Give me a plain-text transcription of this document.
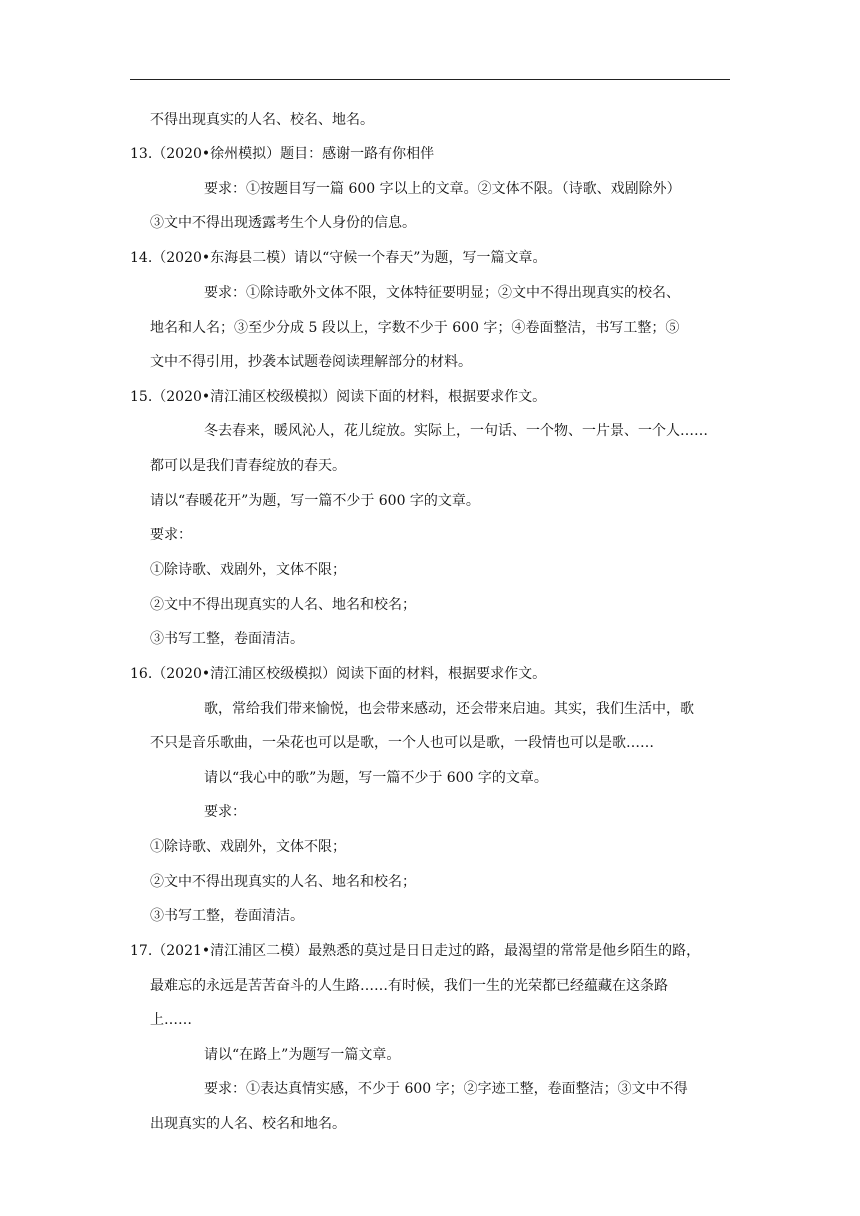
不得出现真实的人名、校名、地名。
13.（2020•徐州模拟）题目：感谢一路有你相伴
要求：①按题目写一篇 600 字以上的文章。②文体不限。（诗歌、戏剧除外）
③文中不得出现透露考生个人身份的信息。
14.（2020•东海县二模）请以“守候一个春天”为题，写一篇文章。
要求：①除诗歌外文体不限，文体特征要明显；②文中不得出现真实的校名、
地名和人名；③至少分成 5 段以上，字数不少于 600 字；④卷面整洁，书写工整；⑤
文中不得引用，抄袭本试题卷阅读理解部分的材料。
15.（2020•清江浦区校级模拟）阅读下面的材料，根据要求作文。
冬去春来，暖风沁人，花儿绽放。实际上，一句话、一个物、一片景、一个人……
都可以是我们青春绽放的春天。
请以“春暖花开”为题，写一篇不少于 600 字的文章。
要求：
①除诗歌、戏剧外，文体不限；
②文中不得出现真实的人名、地名和校名；
③书写工整，卷面清洁。
16.（2020•清江浦区校级模拟）阅读下面的材料，根据要求作文。
歌，常给我们带来愉悦，也会带来感动，还会带来启迪。其实，我们生活中，歌
不只是音乐歌曲，一朵花也可以是歌，一个人也可以是歌，一段情也可以是歌……
请以“我心中的歌”为题，写一篇不少于 600 字的文章。
要求：
①除诗歌、戏剧外，文体不限；
②文中不得出现真实的人名、地名和校名；
③书写工整，卷面清洁。
17.（2021•清江浦区二模）最熟悉的莫过是日日走过的路，最渴望的常常是他乡陌生的路，
最难忘的永远是苦苦奋斗的人生路……有时候，我们一生的光荣都已经蕴藏在这条路
上……
请以“在路上”为题写一篇文章。
要求：①表达真情实感，不少于 600 字；②字迹工整，卷面整洁；③文中不得
出现真实的人名、校名和地名。
